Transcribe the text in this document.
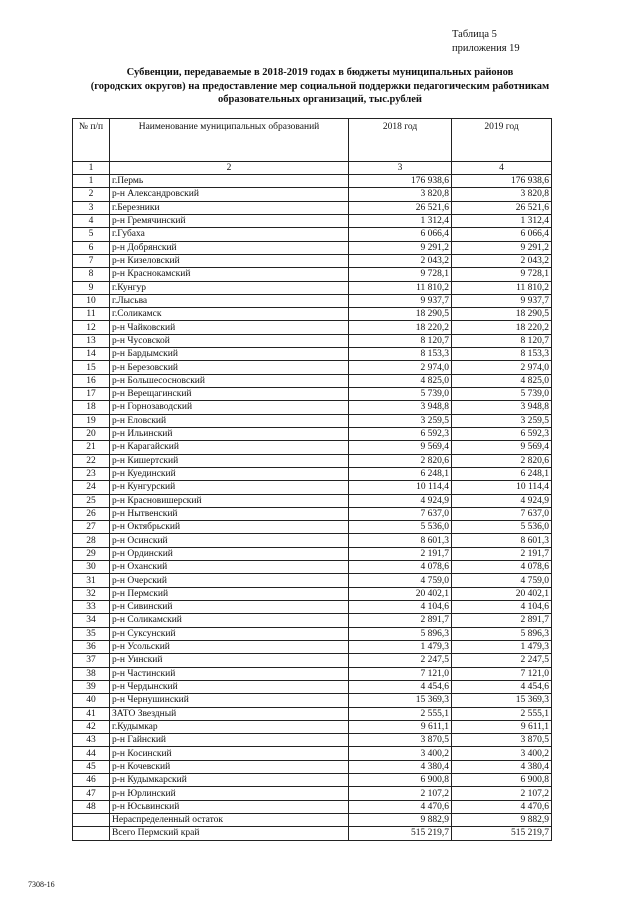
Таблица 5
приложения 19
Субвенции, передаваемые в 2018-2019 годах в бюджеты муниципальных районов
(городских округов) на предоставление мер социальной поддержки педагогическим работникам
образовательных организаций, тыс.рублей
№ п/п	Наименование муниципальных образований	2018 год	2019 год
1	2	3	4
1	г.Пермь	176 938,6	176 938,6
2	р-н Александровский	3 820,8	3 820,8
3	г.Березники	26 521,6	26 521,6
4	р-н Гремячинский	1 312,4	1 312,4
5	г.Губаха	6 066,4	6 066,4
6	р-н Добрянский	9 291,2	9 291,2
7	р-н Кизеловский	2 043,2	2 043,2
8	р-н Краснокамский	9 728,1	9 728,1
9	г.Кунгур	11 810,2	11 810,2
10	г.Лысьва	9 937,7	9 937,7
11	г.Соликамск	18 290,5	18 290,5
12	р-н Чайковский	18 220,2	18 220,2
13	р-н Чусовской	8 120,7	8 120,7
14	р-н Бардымский	8 153,3	8 153,3
15	р-н Березовский	2 974,0	2 974,0
16	р-н Большесосновский	4 825,0	4 825,0
17	р-н Верещагинский	5 739,0	5 739,0
18	р-н Горнозаводский	3 948,8	3 948,8
19	р-н Еловский	3 259,5	3 259,5
20	р-н Ильинский	6 592,3	6 592,3
21	р-н Карагайский	9 569,4	9 569,4
22	р-н Кишертский	2 820,6	2 820,6
23	р-н Куединский	6 248,1	6 248,1
24	р-н Кунгурский	10 114,4	10 114,4
25	р-н Красновишерский	4 924,9	4 924,9
26	р-н Нытвенский	7 637,0	7 637,0
27	р-н Октябрьский	5 536,0	5 536,0
28	р-н Осинский	8 601,3	8 601,3
29	р-н Ординский	2 191,7	2 191,7
30	р-н Оханский	4 078,6	4 078,6
31	р-н Очерский	4 759,0	4 759,0
32	р-н Пермский	20 402,1	20 402,1
33	р-н Сивинский	4 104,6	4 104,6
34	р-н Соликамский	2 891,7	2 891,7
35	р-н Суксунский	5 896,3	5 896,3
36	р-н Усольский	1 479,3	1 479,3
37	р-н Уинский	2 247,5	2 247,5
38	р-н Частинский	7 121,0	7 121,0
39	р-н Чердынский	4 454,6	4 454,6
40	р-н Чернушинский	15 369,3	15 369,3
41	ЗАТО Звездный	2 555,1	2 555,1
42	г.Кудымкар	9 611,1	9 611,1
43	р-н Гайнский	3 870,5	3 870,5
44	р-н Косинский	3 400,2	3 400,2
45	р-н Кочевский	4 380,4	4 380,4
46	р-н Кудымкарский	6 900,8	6 900,8
47	р-н Юрлинский	2 107,2	2 107,2
48	р-н Юсьвинский	4 470,6	4 470,6
	Нераспределенный остаток	9 882,9	9 882,9
	Всего Пермский край	515 219,7	515 219,7
7308-16
